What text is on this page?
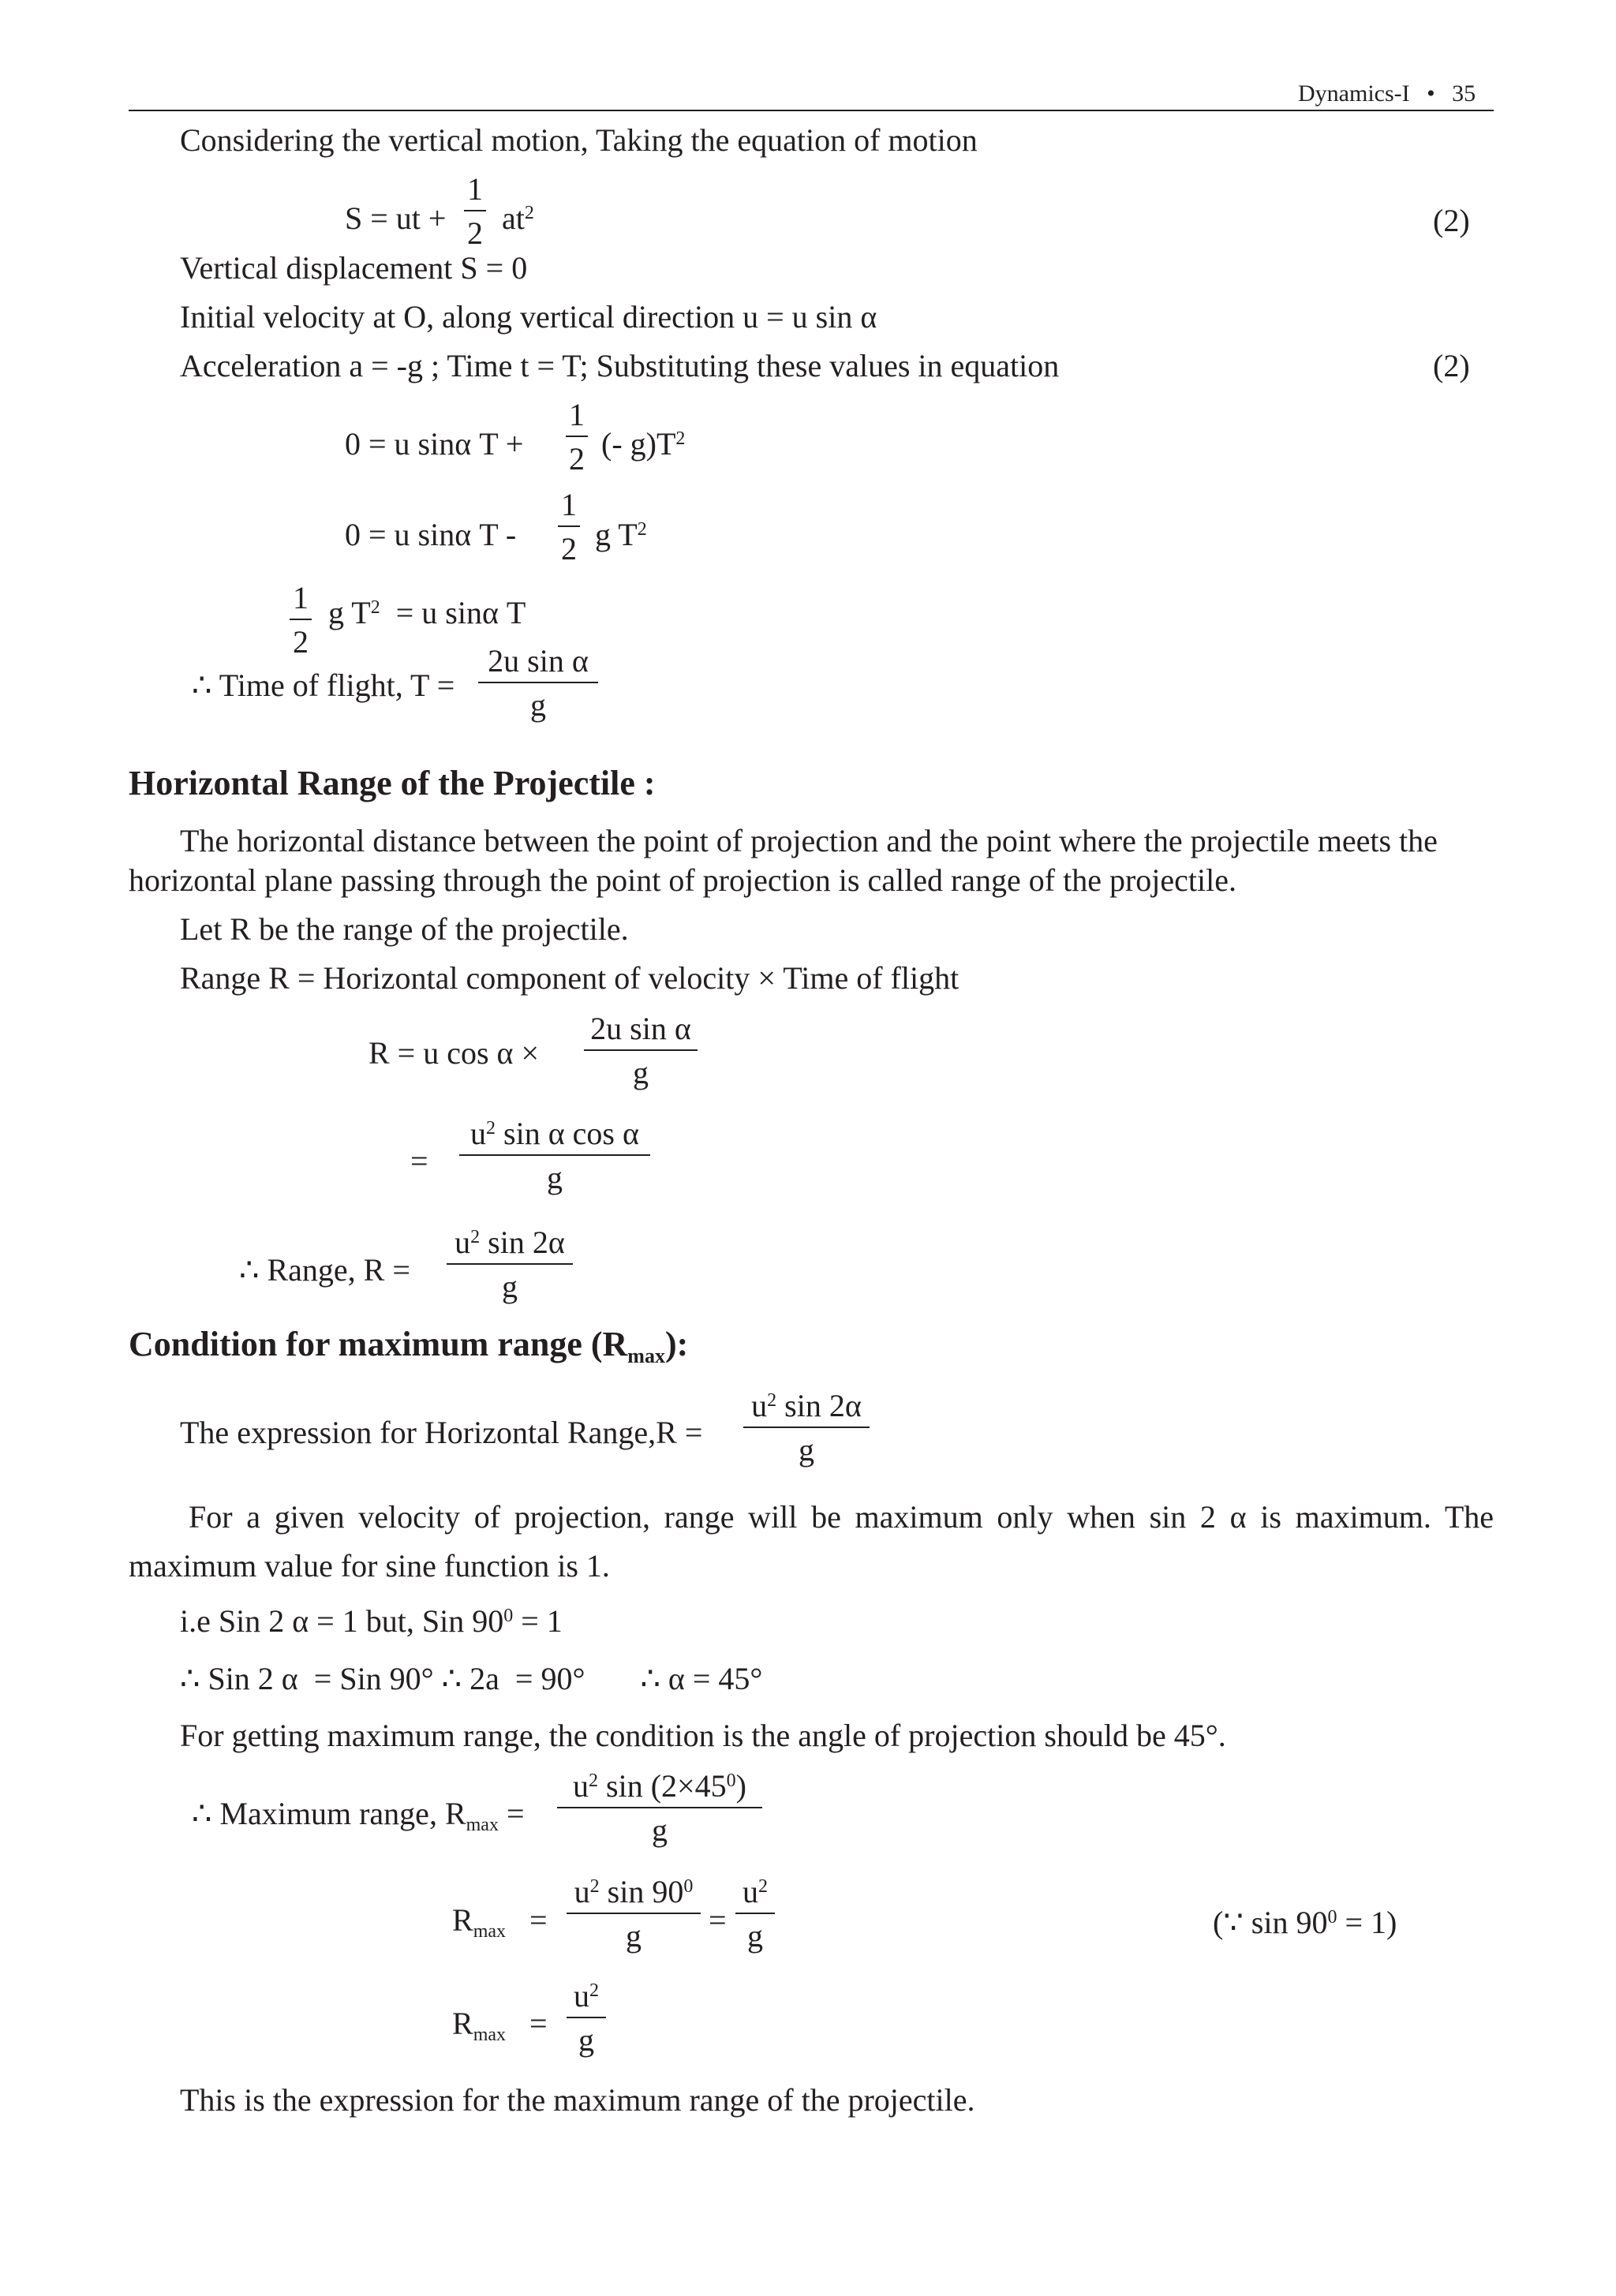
Dynamics-I • 35
Considering the vertical motion, Taking the equation of motion
S = ut +
1
2 $at^2$	(2)
Vertical displacement S = 0
Initial velocity at O, along vertical direction u = u sin α
Acceleration a = -g ; Time t = T; Substituting these values in equation	(2)
0 = u sinα T +
1
2 (- $g)T^2$
0 = u sinα T -
1
2 g $T^2$
1
2
g $T^2 = u$ sinα T
∴ Time of flight, T =
2u sin α
g
Horizontal Range of the Projectile :
The horizontal distance between the point of projection and the point where the projectile meets the
horizontal plane passing through the point of projection is called range of the projectile.
Let R be the range of the projectile.
Range R = Horizontal component of velocity × Time of flight
R = u cos α ×
2u sin α
g
=
$u^2$ sin α cos α
g
∴ Range, R =
$u^2$ sin 2α
g
Condition for maximum range $(R_{max})$:
The expression for Horizontal Range,R =
$u^2$ sin 2α
g
For a given velocity of projection, range will be maximum only when sin 2 α is maximum. The
maximum value for sine function is 1.
i.e Sin 2 α = 1 but, Sin $90^0 = 1$
∴ Sin 2 α  = Sin 90° ∴ 2a  = 90°       ∴ α = 45°
For getting maximum range, the condition is the angle of projection should be 45°.
∴ Maximum range, $R_{max}$ =
$u^2$ $\sin (2\times 45^0)$
g
$R_{max}$ =
$u^2$ $\sin 90^0$
g	=
$u^2$
g	(∵ $\sin 90^0 = 1$)
$R_{max}$ =
$u^2$
g
This is the expression for the maximum range of the projectile.
